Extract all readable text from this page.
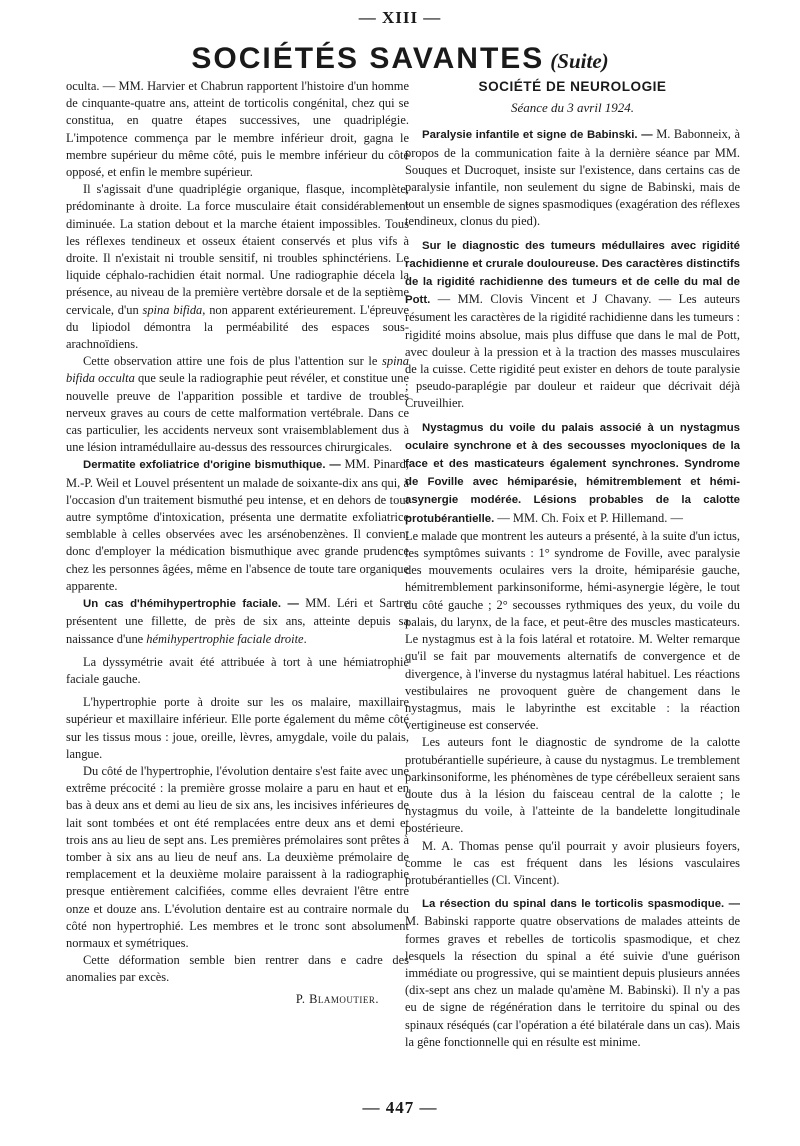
— XIII —
SOCIÉTÉS SAVANTES (Suite)

oculta. — MM. Harvier et Chabrun rapportent l'histoire d'un homme de cinquante-quatre ans, atteint de torticolis congénital, chez qui se constitua, en quatre étapes successives, une quadriplégie. L'impotence commença par le membre inférieur droit, gagna le membre supérieur du même côté, puis le membre inférieur du côté opposé, et enfin le membre supérieur.

Il s'agissait d'une quadriplégie organique, flasque, incomplète, prédominante à droite. La force musculaire était considérablement diminuée. La station debout et la marche étaient impossibles. Tous les réflexes tendineux et osseux étaient conservés et plus vifs à droite. Il n'existait ni trouble sensitif, ni troubles sphinctériens. Le liquide céphalo-rachidien était normal. Une radiographie décela la présence, au niveau de la première vertèbre dorsale et de la septième cervicale, d'un spina bifida, non apparent extérieurement. L'épreuve du lipiodol démontra la perméabilité des espaces sous-arachnoïdiens.

Cette observation attire une fois de plus l'attention sur le spina bifida occulta que seule la radiographie peut révéler, et constitue une nouvelle preuve de l'apparition possible et tardive de troubles nerveux graves au cours de cette malformation vertébrale. Dans ce cas particulier, les accidents nerveux sont vraisemblablement dus à une lésion intramédullaire au-dessus des ressources chirurgicales.

Dermatite exfoliatrice d'origine bismuthique. — MM. Pinard, M.-P. Weil et Louvel présentent un malade de soixante-dix ans qui, à l'occasion d'un traitement bismuthé peu intense, et en dehors de tout autre symptôme d'intoxication, présenta une dermatite exfoliatrice semblable à celles observées avec les arsénobenzènes. Il convient donc d'employer la médication bismuthique avec grande prudence chez les personnes âgées, même en l'absence de toute tare organique apparente.

Un cas d'hémihypertrophie faciale. — MM. Léri et Sartre présentent une fillette, de près de six ans, atteinte depuis sa naissance d'une hémihypertrophie faciale droite.

La dyssymétrie avait été attribuée à tort à une hémiatrophie faciale gauche.

L'hypertrophie porte à droite sur les os malaire, maxillaire supérieur et maxillaire inférieur. Elle porte également du même côté sur les tissus mous : joue, oreille, lèvres, amygdale, voile du palais, langue.

Du côté de l'hypertrophie, l'évolution dentaire s'est faite avec une extrême précocité : la première grosse molaire a paru en haut et en bas à deux ans et demi au lieu de six ans, les incisives inférieures de lait sont tombées et ont été remplacées entre deux ans et demi et trois ans au lieu de sept ans. Les premières prémolaires sont prêtes à tomber à six ans au lieu de neuf ans. La deuxième prémolaire de remplacement et la deuxième molaire paraissent à la radiographie presque entièrement calcifiées, comme elles devraient l'être entre onze et douze ans. L'évolution dentaire est au contraire normale du côté non hypertrophié. Les membres et le tronc sont absolument normaux et symétriques.

Cette déformation semble bien rentrer dans e cadre des anomalies par excès.

P. Blamoutier.

SOCIÉTÉ DE NEUROLOGIE
Séance du 3 avril 1924.

Paralysie infantile et signe de Babinski. — M. Babonneix, à propos de la communication faite à la dernière séance par MM. Souques et Ducroquet, insiste sur l'existence, dans certains cas de paralysie infantile, non seulement du signe de Babinski, mais de tout un ensemble de signes spasmodiques (exagération des réflexes tendineux, clonus du pied).

Sur le diagnostic des tumeurs médullaires avec rigidité rachidienne et crurale douloureuse. Des caractères distinctifs de la rigidité rachidienne des tumeurs et de celle du mal de Pott. — MM. Clovis Vincent et J Chavany. — Les auteurs résument les caractères de la rigidité rachidienne dans les tumeurs : rigidité moins absolue, mais plus diffuse que dans le mal de Pott, avec douleur à la pression et à la traction des masses musculaires de la cuisse. Cette rigidité peut exister en dehors de toute paralysie ; pseudo-paraplégie par douleur et raideur que décrivait déjà Cruveilhier.

Nystagmus du voile du palais associé à un nystagmus oculaire synchrone et à des secousses myocloniques de la face et des masticateurs également synchrones. Syndrome de Foville avec hémiparésie, hémitremblement et hémi-asynergie modérée. Lésions probables de la calotte protubérantielle. — MM. Ch. Foix et P. Hillemand. —

Le malade que montrent les auteurs a présenté, à la suite d'un ictus, les symptômes suivants : 1° syndrome de Foville, avec paralysie des mouvements oculaires vers la droite, hémiparésie gauche, hémitremblement parkinsoniforme, hémi-asynergie légère, le tout du côté gauche ; 2° secousses rythmiques des yeux, du voile du palais, du larynx, de la face, et peut-être des muscles masticateurs. Le nystagmus est à la fois latéral et rotatoire. M. Welter remarque qu'il se fait par mouvements alternatifs de convergence et de divergence, à l'inverse du nystagmus latéral habituel. Les réactions vestibulaires ne provoquent guère de changement dans le nystagmus, mais le labyrinthe est excitable : la réaction vertigineuse est conservée.

Les auteurs font le diagnostic de syndrome de la calotte protubérantielle supérieure, à cause du nystagmus. Le tremblement parkinsoniforme, les phénomènes de type cérébelleux seraient sans doute dus à la lésion du faisceau central de la calotte ; le nystagmus du voile, à l'atteinte de la bandelette longitudinale postérieure.

M. A. Thomas pense qu'il pourrait y avoir plusieurs foyers, comme le cas est fréquent dans les lésions vasculaires protubérantielles (Cl. Vincent).

La résection du spinal dans le torticolis spasmodique. — M. Babinski rapporte quatre observations de malades atteints de formes graves et rebelles de torticolis spasmodique, et chez lesquels la résection du spinal a été suivie d'une guérison immédiate ou progressive, qui se maintient depuis plusieurs années (dix-sept ans chez un malade qu'amène M. Babinski). Il n'y a pas eu de signe de régénération dans le territoire du spinal ou des spinaux réséqués (car l'opération a été bilatérale dans un cas). Mais la gêne fonctionnelle qui en résulte est minime.

— 447 —
